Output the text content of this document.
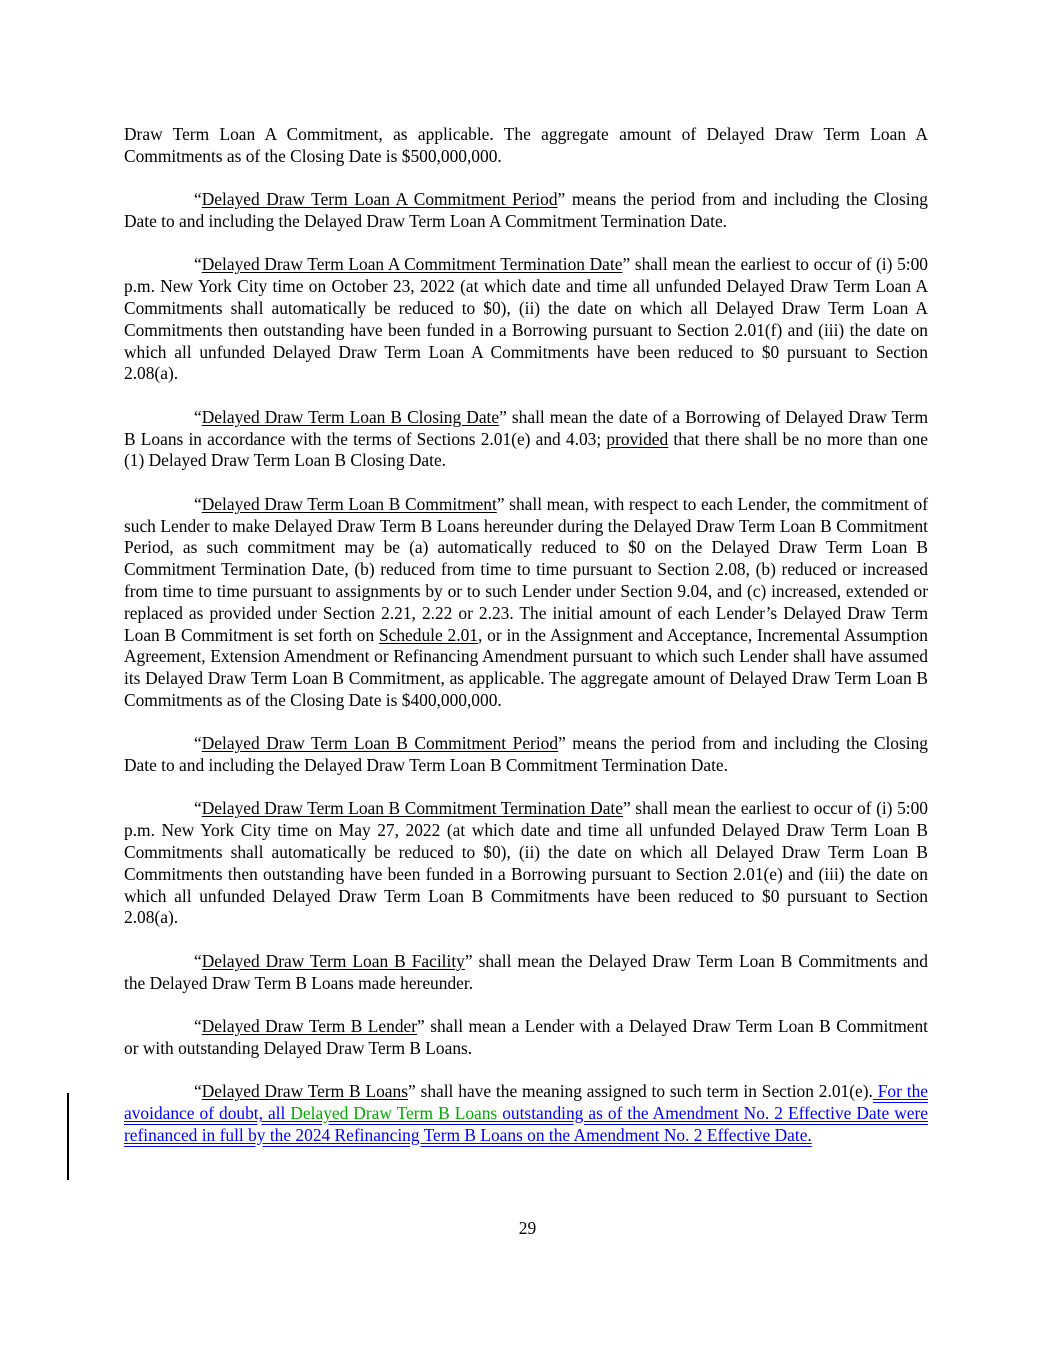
Draw Term Loan A Commitment, as applicable. The aggregate amount of Delayed Draw Term Loan A Commitments as of the Closing Date is $500,000,000.

“Delayed Draw Term Loan A Commitment Period” means the period from and including the Closing Date to and including the Delayed Draw Term Loan A Commitment Termination Date.

“Delayed Draw Term Loan A Commitment Termination Date” shall mean the earliest to occur of (i) 5:00 p.m. New York City time on October 23, 2022 (at which date and time all unfunded Delayed Draw Term Loan A Commitments shall automatically be reduced to $0), (ii) the date on which all Delayed Draw Term Loan A Commitments then outstanding have been funded in a Borrowing pursuant to Section 2.01(f) and (iii) the date on which all unfunded Delayed Draw Term Loan A Commitments have been reduced to $0 pursuant to Section 2.08(a).

“Delayed Draw Term Loan B Closing Date” shall mean the date of a Borrowing of Delayed Draw Term B Loans in accordance with the terms of Sections 2.01(e) and 4.03; provided that there shall be no more than one (1) Delayed Draw Term Loan B Closing Date.

“Delayed Draw Term Loan B Commitment” shall mean, with respect to each Lender, the commitment of such Lender to make Delayed Draw Term B Loans hereunder during the Delayed Draw Term Loan B Commitment Period, as such commitment may be (a) automatically reduced to $0 on the Delayed Draw Term Loan B Commitment Termination Date, (b) reduced from time to time pursuant to Section 2.08, (b) reduced or increased from time to time pursuant to assignments by or to such Lender under Section 9.04, and (c) increased, extended or replaced as provided under Section 2.21, 2.22 or 2.23. The initial amount of each Lender’s Delayed Draw Term Loan B Commitment is set forth on Schedule 2.01, or in the Assignment and Acceptance, Incremental Assumption Agreement, Extension Amendment or Refinancing Amendment pursuant to which such Lender shall have assumed its Delayed Draw Term Loan B Commitment, as applicable. The aggregate amount of Delayed Draw Term Loan B Commitments as of the Closing Date is $400,000,000.

“Delayed Draw Term Loan B Commitment Period” means the period from and including the Closing Date to and including the Delayed Draw Term Loan B Commitment Termination Date.

“Delayed Draw Term Loan B Commitment Termination Date” shall mean the earliest to occur of (i) 5:00 p.m. New York City time on May 27, 2022 (at which date and time all unfunded Delayed Draw Term Loan B Commitments shall automatically be reduced to $0), (ii) the date on which all Delayed Draw Term Loan B Commitments then outstanding have been funded in a Borrowing pursuant to Section 2.01(e) and (iii) the date on which all unfunded Delayed Draw Term Loan B Commitments have been reduced to $0 pursuant to Section 2.08(a).

“Delayed Draw Term Loan B Facility” shall mean the Delayed Draw Term Loan B Commitments and the Delayed Draw Term B Loans made hereunder.

“Delayed Draw Term B Lender” shall mean a Lender with a Delayed Draw Term Loan B Commitment or with outstanding Delayed Draw Term B Loans.

“Delayed Draw Term B Loans” shall have the meaning assigned to such term in Section 2.01(e). For the avoidance of doubt, all Delayed Draw Term B Loans outstanding as of the Amendment No. 2 Effective Date were refinanced in full by the 2024 Refinancing Term B Loans on the Amendment No. 2 Effective Date.

29
